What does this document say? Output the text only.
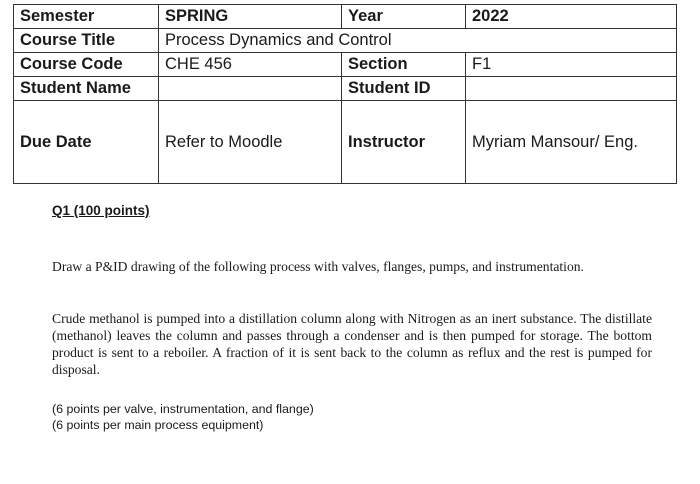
Semester	SPRING	Year	2022
Course Title	Process Dynamics and Control		
Course Code	CHE 456	Section	F1
Student Name		Student ID	
Due Date	Refer to Moodle	Instructor	Myriam Mansour/ Eng.
Q1 (100 points)
Draw a P&ID drawing of the following process with valves, flanges, pumps, and instrumentation.
Crude methanol is pumped into a distillation column along with Nitrogen as an inert substance. The distillate (methanol) leaves the column and passes through a condenser and is then pumped for storage. The bottom product is sent to a reboiler. A fraction of it is sent back to the column as reflux and the rest is pumped for disposal.
(6 points per valve, instrumentation, and flange)
(6 points per main process equipment)
